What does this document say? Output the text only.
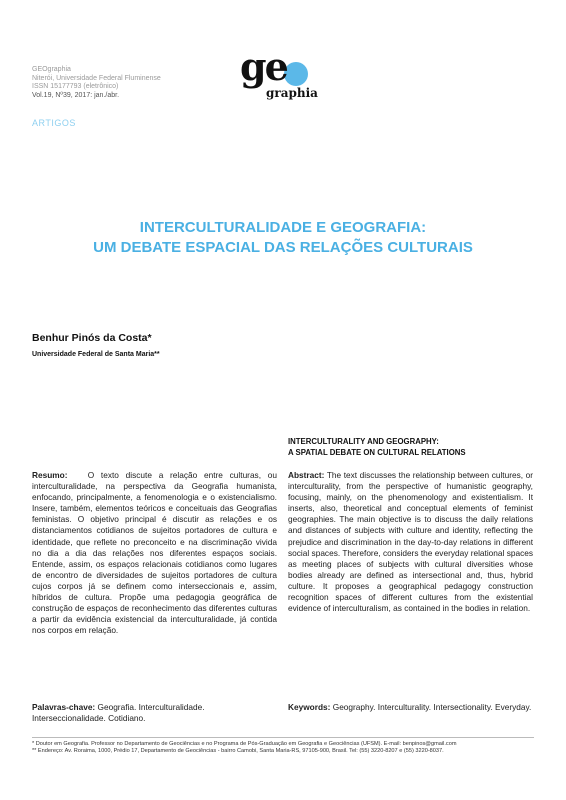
GEOgraphia
Niterói, Universidade Federal Fluminense
ISSN 15177793 (eletrônico)
Vol.19, Nº39, 2017: jan./abr.
ge
graphia
ARTIGOS
INTERCULTURALIDADE E GEOGRAFIA:
UM DEBATE ESPACIAL DAS RELAÇÕES CULTURAIS
Benhur Pinós da Costa*
Universidade Federal de Santa Maria**
INTERCULTURALITY AND GEOGRAPHY:
A SPATIAL DEBATE ON CULTURAL RELATIONS
Resumo: O texto discute a relação entre culturas, ou interculturalidade, na perspectiva da Geografia humanista, enfocando, principalmente, a fenomenologia e o existencialismo. Insere, também, elementos teóricos e conceituais das Geografias feministas. O objetivo principal é discutir as relações e os distanciamentos cotidianos de sujeitos portadores de cultura e identidade, que reflete no preconceito e na discriminação vivida no dia a dia das relações nos diferentes espaços sociais. Entende, assim, os espaços relacionais cotidianos como lugares de encontro de diversidades de sujeitos portadores de cultura cujos corpos já se definem como interseccionais e, assim, híbridos de cultura. Propõe uma pedagogia geográfica de construção de espaços de reconhecimento das diferentes culturas a partir da evidência existencial da interculturalidade, já contida nos corpos em relação.
Abstract: The text discusses the relationship between cultures, or interculturality, from the perspective of humanistic geography, focusing, mainly, on the phenomenology and existentialism. It inserts, also, theoretical and conceptual elements of feminist geographies. The main objective is to discuss the daily relations and distances of subjects with culture and identity, reflecting the prejudice and discrimination in the day-to-day relations in different social spaces. Therefore, considers the everyday relational spaces as meeting places of subjects with cultural diversities whose bodies already are defined as intersectional and, thus, hybrid culture. It proposes a geographical pedagogy construction recognition spaces of different cultures from the existential evidence of interculturalism, as contained in the bodies in relation.
Palavras-chave: Geografia. Interculturalidade. Interseccionalidade. Cotidiano.
Keywords: Geography. Interculturality. Intersectionality. Everyday.
* Doutor em Geografia. Professor no Departamento de Geociências e no Programa de Pós-Graduação em Geografia e Geociências (UFSM). E-mail: benpinos@gmail.com
** Endereço: Av. Roraima, 1000, Prédio 17, Departamento de Geociências - bairro Camobi, Santa Maria-RS, 97105-900, Brasil. Tel: (55) 3220-8207 e (55) 3220-8037.
